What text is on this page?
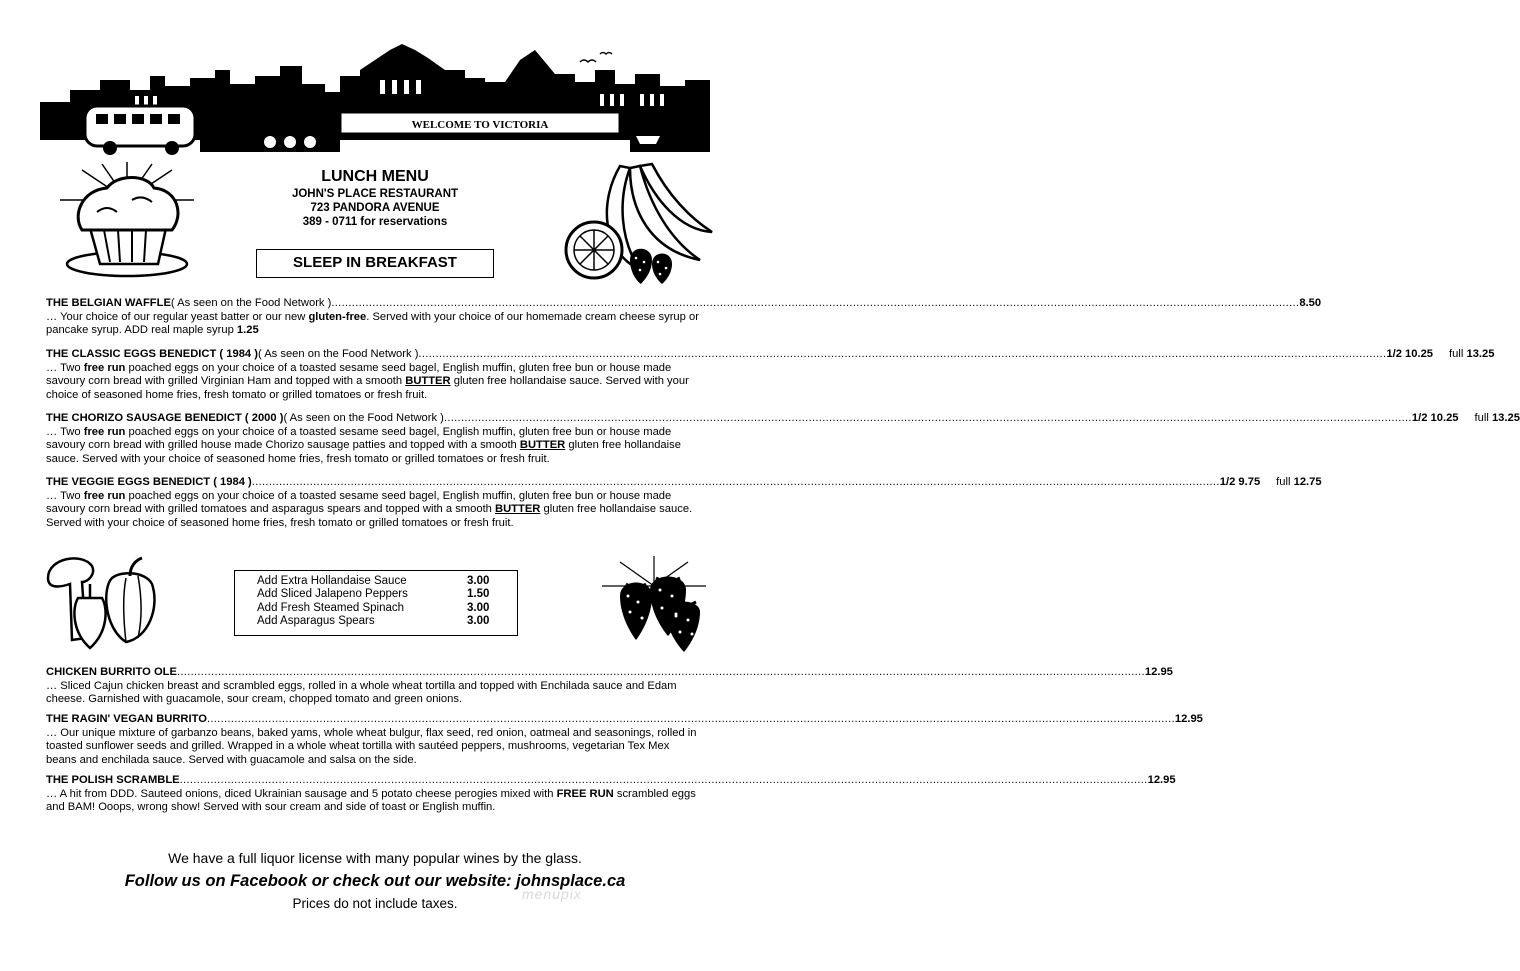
WELCOME TO VICTORIA
LUNCH MENU
JOHN'S PLACE RESTAURANT
723 PANDORA AVENUE
389 - 0711 for reservations
SLEEP IN BREAKFAST
THE BELGIAN WAFFLE ( As seen on the Food Network ) ............................................................................................................................................................................................................................................................................................ 8.50
… Your choice of our regular yeast batter or our new gluten-free. Served with your choice of our homemade cream cheese syrup or pancake syrup. ADD real maple syrup 1.25
THE CLASSIC EGGS BENEDICT ( 1984 ) ( As seen on the Food Network ) ............................................................................................................................................................................................................................................................................................ 1/2 10.25 full 13.25
… Two free run poached eggs on your choice of a toasted sesame seed bagel, English muffin, gluten free bun or house made savoury corn bread with grilled Virginian Ham and topped with a smooth BUTTER gluten free hollandaise sauce. Served with your choice of seasoned home fries, fresh tomato or grilled tomatoes or fresh fruit.
THE CHORIZO SAUSAGE BENEDICT ( 2000 ) ( As seen on the Food Network ) ............................................................................................................................................................................................................................................................................................ 1/2 10.25 full 13.25
… Two free run poached eggs on your choice of a toasted sesame seed bagel, English muffin, gluten free bun or house made savoury corn bread with grilled house made Chorizo sausage patties and topped with a smooth BUTTER gluten free hollandaise sauce. Served with your choice of seasoned home fries, fresh tomato or grilled tomatoes or fresh fruit.
THE VEGGIE EGGS BENEDICT ( 1984 ) ............................................................................................................................................................................................................................................................................................ 1/2 9.75 full 12.75
… Two free run poached eggs on your choice of a toasted sesame seed bagel, English muffin, gluten free bun or house made savoury corn bread with grilled tomatoes and asparagus spears and topped with a smooth BUTTER gluten free hollandaise sauce. Served with your choice of seasoned home fries, fresh tomato or grilled tomatoes or fresh fruit.
Add Extra Hollandaise Sauce	3.00
Add Sliced Jalapeno Peppers	1.50
Add Fresh Steamed Spinach	3.00
Add Asparagus Spears	3.00
CHICKEN BURRITO OLE ............................................................................................................................................................................................................................................................................................ 12.95
… Sliced Cajun chicken breast and scrambled eggs, rolled in a whole wheat tortilla and topped with Enchilada sauce and Edam cheese. Garnished with guacamole, sour cream, chopped tomato and green onions.
THE RAGIN' VEGAN BURRITO ............................................................................................................................................................................................................................................................................................ 12.95
… Our unique mixture of garbanzo beans, baked yams, whole wheat bulgur, flax seed, red onion, oatmeal and seasonings, rolled in toasted sunflower seeds and grilled. Wrapped in a whole wheat tortilla with sautéed peppers, mushrooms, vegetarian Tex Mex beans and enchilada sauce. Served with guacamole and salsa on the side.
THE POLISH SCRAMBLE ............................................................................................................................................................................................................................................................................................ 12.95
… A hit from DDD. Sauteed onions, diced Ukrainian sausage and 5 potato cheese perogies mixed with FREE RUN scrambled eggs and BAM! Ooops, wrong show! Served with sour cream and side of toast or English muffin.
We have a full liquor license with many popular wines by the glass.
Follow us on Facebook or check out our website: johnsplace.ca
Prices do not include taxes.
menupix
